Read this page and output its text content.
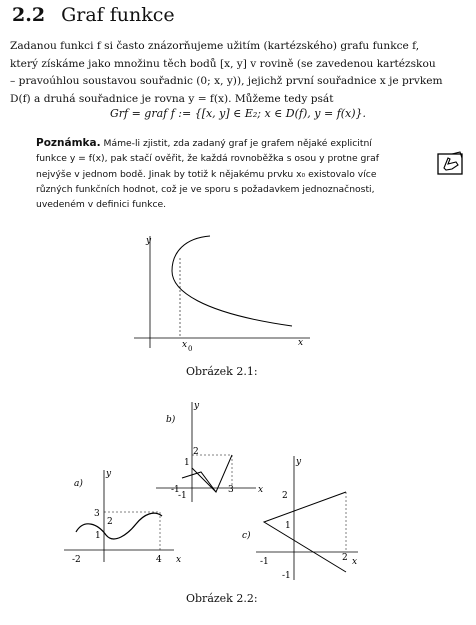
2.2 Graf funkce
Zadanou funkci f si často znázorňujeme užitím (kartézského) grafu funkce f,
který získáme jako množinu těch bodů [x, y] v rovině (se zavedenou kartézskou
– pravoúhlou soustavou souřadnic (0; x, y)), jejichž první souřadnice x je prvkem
D(f) a druhá souřadnice je rovna y = f(x). Můžeme tedy psát
Grf = graf f := {[x, y] ∈ E₂; x ∈ D(f), y = f(x)}.
Poznámka. Máme-li zjistit, zda zadaný graf je grafem nějaké explicitní
funkce y = f(x), pak stačí ověřit, že každá rovnoběžka s osou y protne graf
nejvýše v jednom bodě. Jinak by totiž k nějakému prvku x₀ existovalo více
různých funkčních hodnot, což je ve sporu s požadavkem jednoznačnosti,
uvedeném v definici funkce.
y
x
x 0
Obrázek 2.1:
b)
y
x
2
1
-1
-1
3
a)
y
x
3
2
1
-2	4
c)
y
x
2
1
-1	2
-1
Obrázek 2.2:
